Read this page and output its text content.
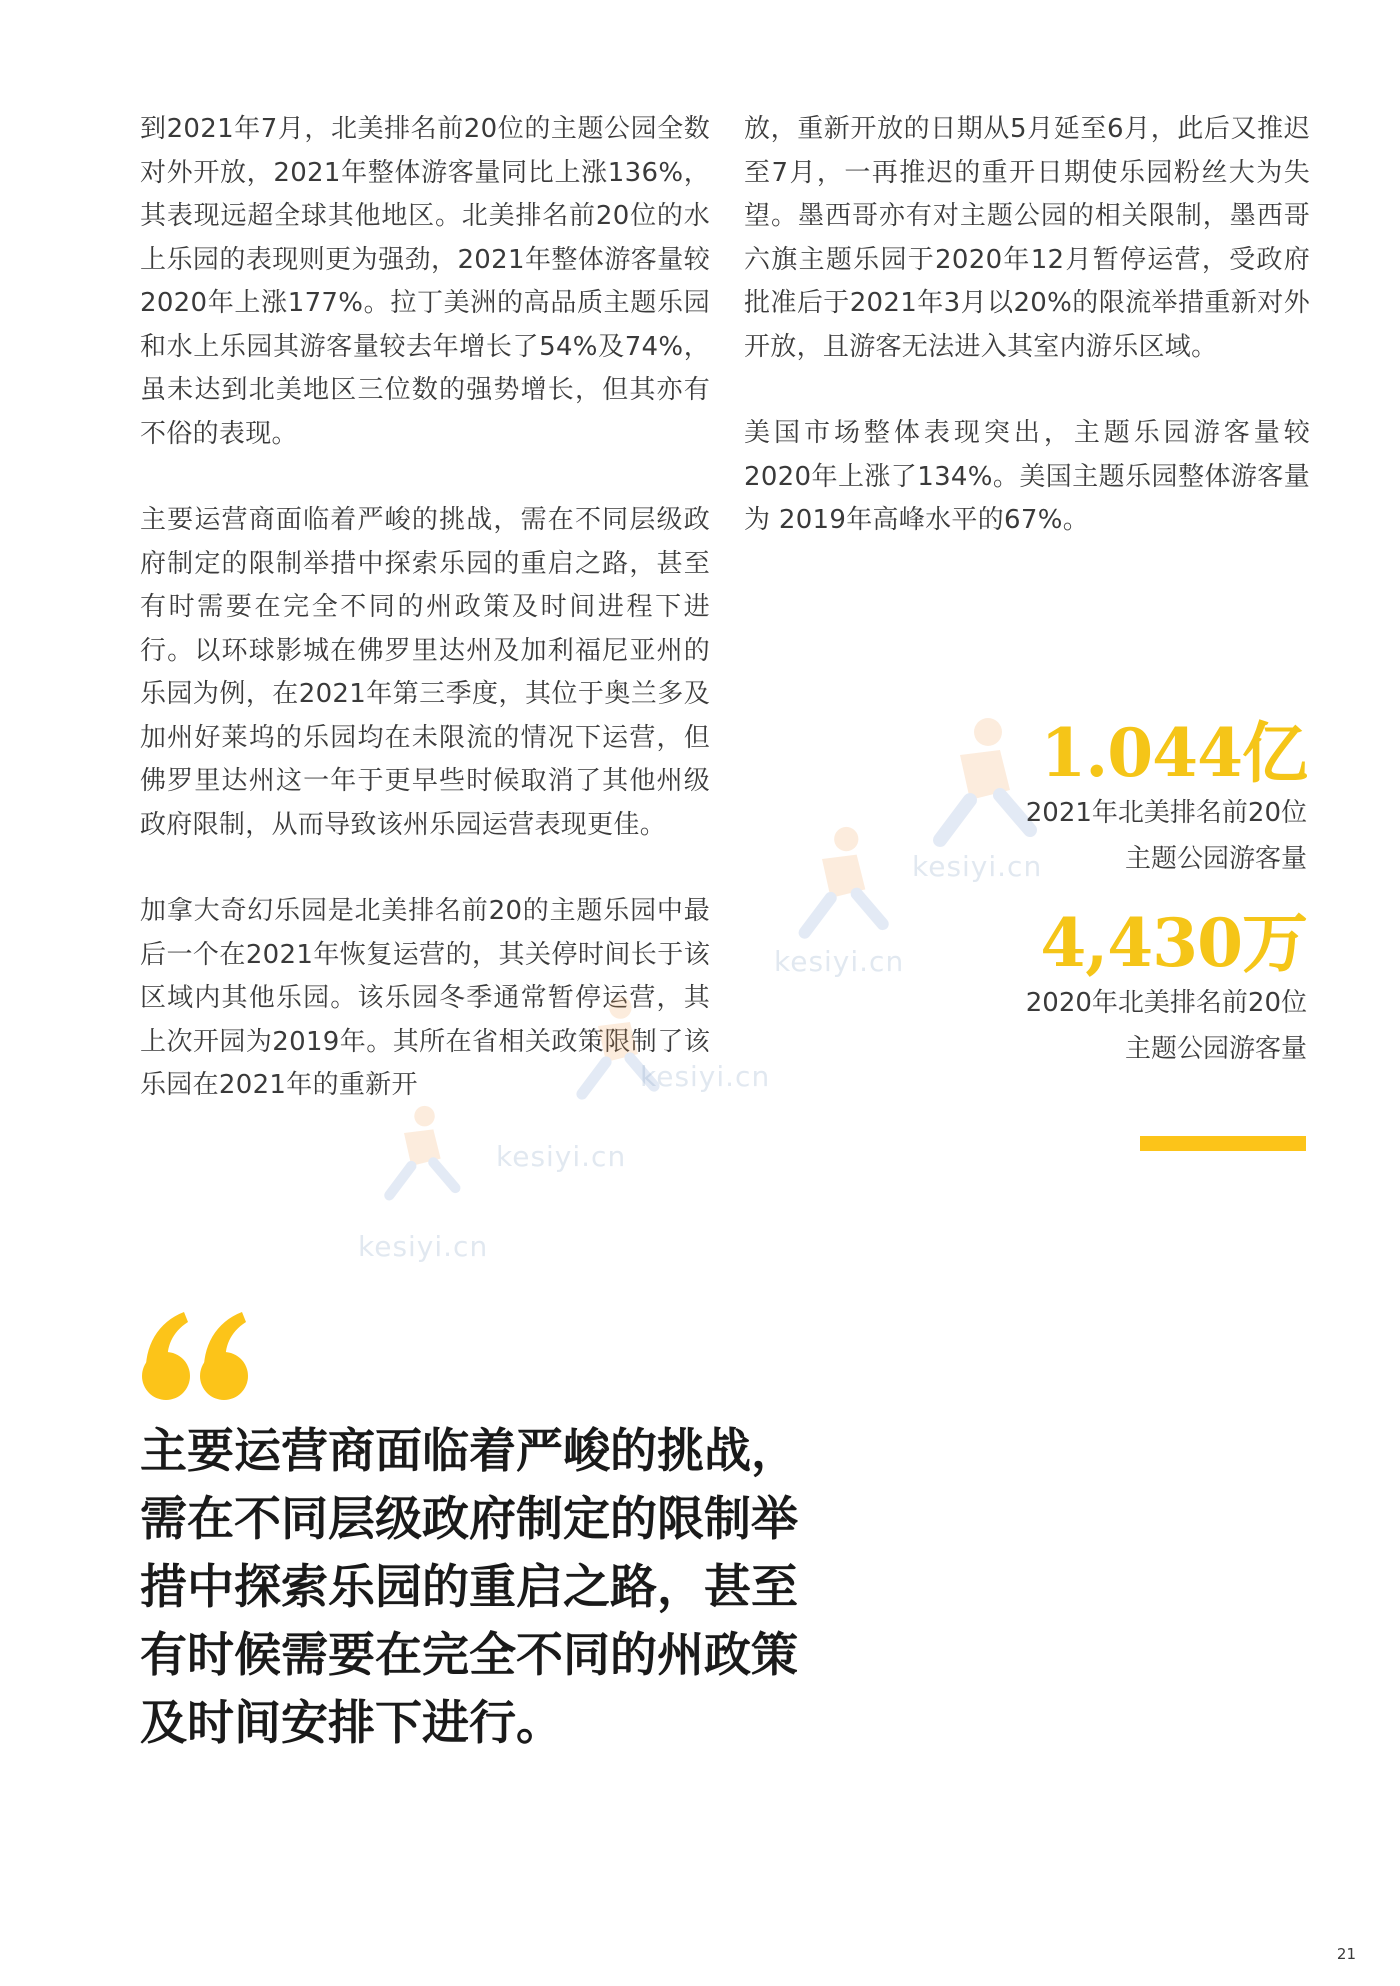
到2021年7月，北美排名前20位的主题公园全数对外开放，2021年整体游客量同比上涨136%，其表现远超全球其他地区。北美排名前20位的水上乐园的表现则更为强劲，2021年整体游客量较2020年上涨177%。拉丁美洲的高品质主题乐园和水上乐园其游客量较去年增长了54%及74%，虽未达到北美地区三位数的强势增长，但其亦有不俗的表现。

主要运营商面临着严峻的挑战，需在不同层级政府制定的限制举措中探索乐园的重启之路，甚至有时需要在完全不同的州政策及时间进程下进行。以环球影城在佛罗里达州及加利福尼亚州的乐园为例，在2021年第三季度，其位于奥兰多及加州好莱坞的乐园均在未限流的情况下运营，但佛罗里达州这一年于更早些时候取消了其他州级政府限制，从而导致该州乐园运营表现更佳。

加拿大奇幻乐园是北美排名前20的主题乐园中最后一个在2021年恢复运营的，其关停时间长于该区域内其他乐园。该乐园冬季通常暂停运营，其上次开园为2019年。其所在省相关政策限制了该乐园在2021年的重新开

放，重新开放的日期从5月延至6月，此后又推迟至7月，一再推迟的重开日期使乐园粉丝大为失望。墨西哥亦有对主题公园的相关限制，墨西哥六旗主题乐园于2020年12月暂停运营，受政府批准后于2021年3月以20%的限流举措重新对外开放，且游客无法进入其室内游乐区域。

美国市场整体表现突出，主题乐园游客量较2020年上涨了134%。美国主题乐园整体游客量为 2019年高峰水平的67%。

kesiyi.cn
kesiyi.cn
kesiyi.cn
kesiyi.cn
kesiyi.cn
1.044亿
2021年北美排名前20位
主题公园游客量
4,430万
2020年北美排名前20位
主题公园游客量
主要运营商面临着严峻的挑战，
需在不同层级政府制定的限制举
措中探索乐园的重启之路，甚至
有时候需要在完全不同的州政策
及时间安排下进行。
21
